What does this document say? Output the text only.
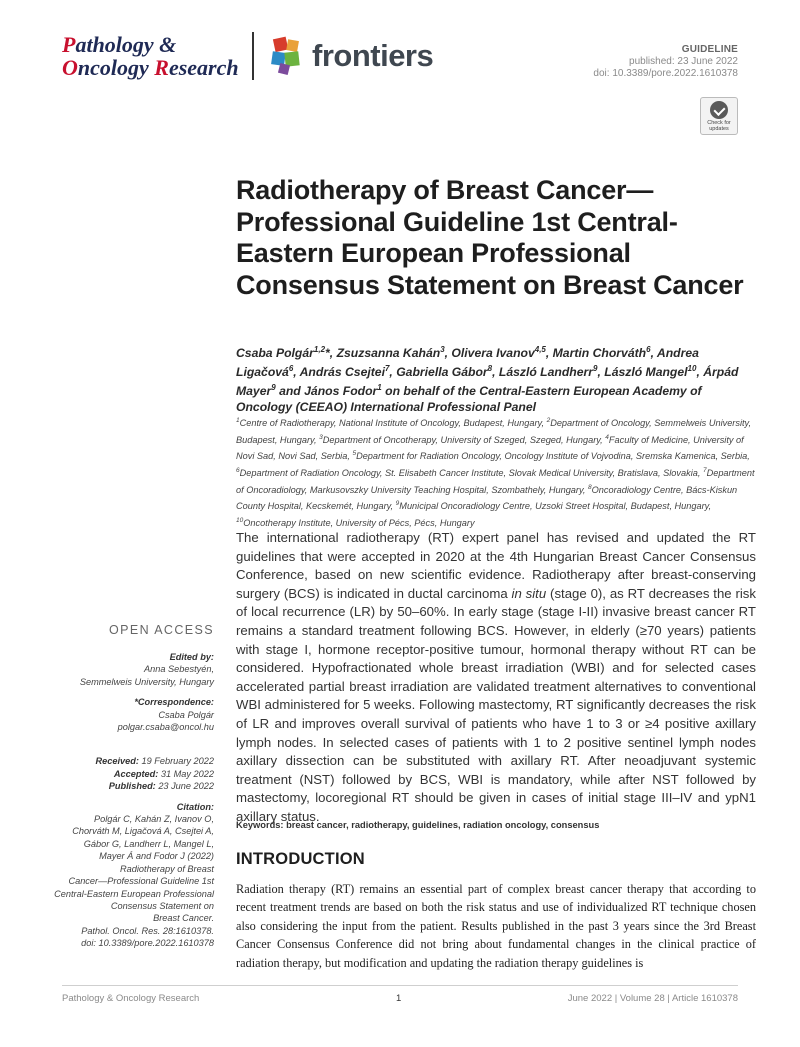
Pathology &
Oncology Research frontiers	GUIDELINE
published: 23 June 2022
doi: 10.3389/pore.2022.1610378
Check for updates
Radiotherapy of Breast Cancer—Professional Guideline 1st Central-Eastern European Professional Consensus Statement on Breast Cancer
Csaba Polgár$^{1,2}$*, Zsuzsanna Kahán$^3$, Olivera Ivanov$^{4,5}$, Martin Chorváth$^6$, Andrea Ligačová$^6$, András Csejtei$^7$, Gabriella Gábor$^8$, László Landherr$^9$, László Mangel$^{10}$, Árpád Mayer$^9$ and János Fodor$^1$ on behalf of the Central-Eastern European Academy of Oncology (CEEAO) International Professional Panel
$^1$Centre of Radiotherapy, National Institute of Oncology, Budapest, Hungary, $^2$Department of Oncology, Semmelweis University, Budapest, Hungary, $^3$Department of Oncotherapy, University of Szeged, Szeged, Hungary, $^4$Faculty of Medicine, University of Novi Sad, Novi Sad, Serbia, $^5$Department for Radiation Oncology, Oncology Institute of Vojvodina, Sremska Kamenica, Serbia, $^6$Department of Radiation Oncology, St. Elisabeth Cancer Institute, Slovak Medical University, Bratislava, Slovakia, $^7$Department of Oncoradiology, Markusovszky University Teaching Hospital, Szombathely, Hungary, $^8$Oncoradiology Centre, Bács-Kiskun County Hospital, Kecskemét, Hungary, $^9$Municipal Oncoradiology Centre, Uzsoki Street Hospital, Budapest, Hungary, $^{10}$Oncotherapy Institute, University of Pécs, Pécs, Hungary
The international radiotherapy (RT) expert panel has revised and updated the RT guidelines that were accepted in 2020 at the 4th Hungarian Breast Cancer Consensus Conference, based on new scientific evidence. Radiotherapy after breast-conserving surgery (BCS) is indicated in ductal carcinoma in situ (stage 0), as RT decreases the risk of local recurrence (LR) by 50–60%. In early stage (stage I-II) invasive breast cancer RT remains a standard treatment following BCS. However, in elderly (≥70 years) patients with stage I, hormone receptor-positive tumour, hormonal therapy without RT can be considered. Hypofractionated whole breast irradiation (WBI) and for selected cases accelerated partial breast irradiation are validated treatment alternatives to conventional WBI administered for 5 weeks. Following mastectomy, RT significantly decreases the risk of LR and improves overall survival of patients who have 1 to 3 or ≥4 positive axillary lymph nodes. In selected cases of patients with 1 to 2 positive sentinel lymph nodes axillary dissection can be substituted with axillary RT. After neoadjuvant systemic treatment (NST) followed by BCS, WBI is mandatory, while after NST followed by mastectomy, locoregional RT should be given in cases of initial stage III–IV and ypN1 axillary status.
Keywords: breast cancer, radiotherapy, guidelines, radiation oncology, consensus
INTRODUCTION
Radiation therapy (RT) remains an essential part of complex breast cancer therapy that according to recent treatment trends are based on both the risk status and use of individualized RT technique chosen also considering the input from the patient. Results published in the past 3 years since the 3rd Breast Cancer Consensus Conference did not bring about fundamental changes in the clinical practice of radiation therapy, but modification and updating the radiation therapy guidelines is
OPEN ACCESS
Edited by:
Anna Sebestyén,
Semmelweis University, Hungary
*Correspondence:
Csaba Polgár
polgar.csaba@oncol.hu
Received: 19 February 2022
Accepted: 31 May 2022
Published: 23 June 2022
Citation:
Polgár C, Kahán Z, Ivanov O,
Chorváth M, Ligačová A, Csejtei A,
Gábor G, Landherr L, Mangel L,
Mayer Á and Fodor J (2022)
Radiotherapy of Breast
Cancer—Professional Guideline 1st
Central-Eastern European Professional
Consensus Statement on
Breast Cancer.
Pathol. Oncol. Res. 28:1610378.
doi: 10.3389/pore.2022.1610378
Pathology & Oncology Research	1	June 2022 | Volume 28 | Article 1610378
